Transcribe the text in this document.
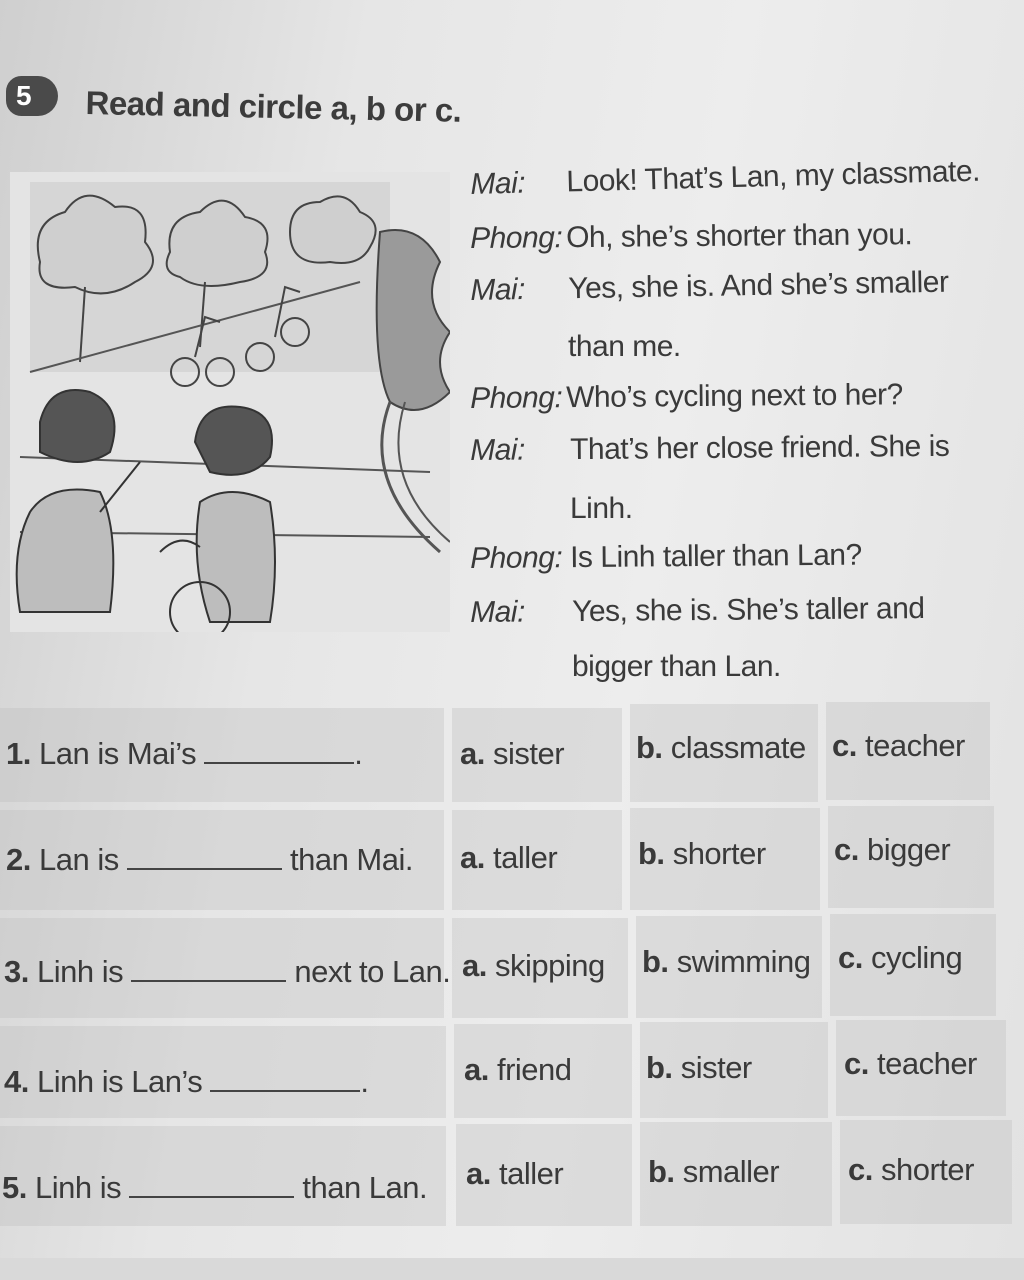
5 Read and circle a, b or c.
Mai: Look! That’s Lan, my classmate.
Phong: Oh, she’s shorter than you.
Mai: Yes, she is. And she’s smaller
than me.
Phong: Who’s cycling next to her?
Mai: That’s her close friend. She is
Linh.
Phong: Is Linh taller than Lan?
Mai: Yes, she is. She’s taller and
bigger than Lan.
1. Lan is Mai’s	.	a. sister b. classmate c. teacher
2. Lan is	than Mai. a. taller	b. shorter c. bigger
3. Linh is	next to Lan. a. skipping b. swimming c. cycling
4. Linh is Lan’s	.	a. friend b. sister	c. teacher
5. Linh is	than Lan. a. taller	b. smaller c. shorter
